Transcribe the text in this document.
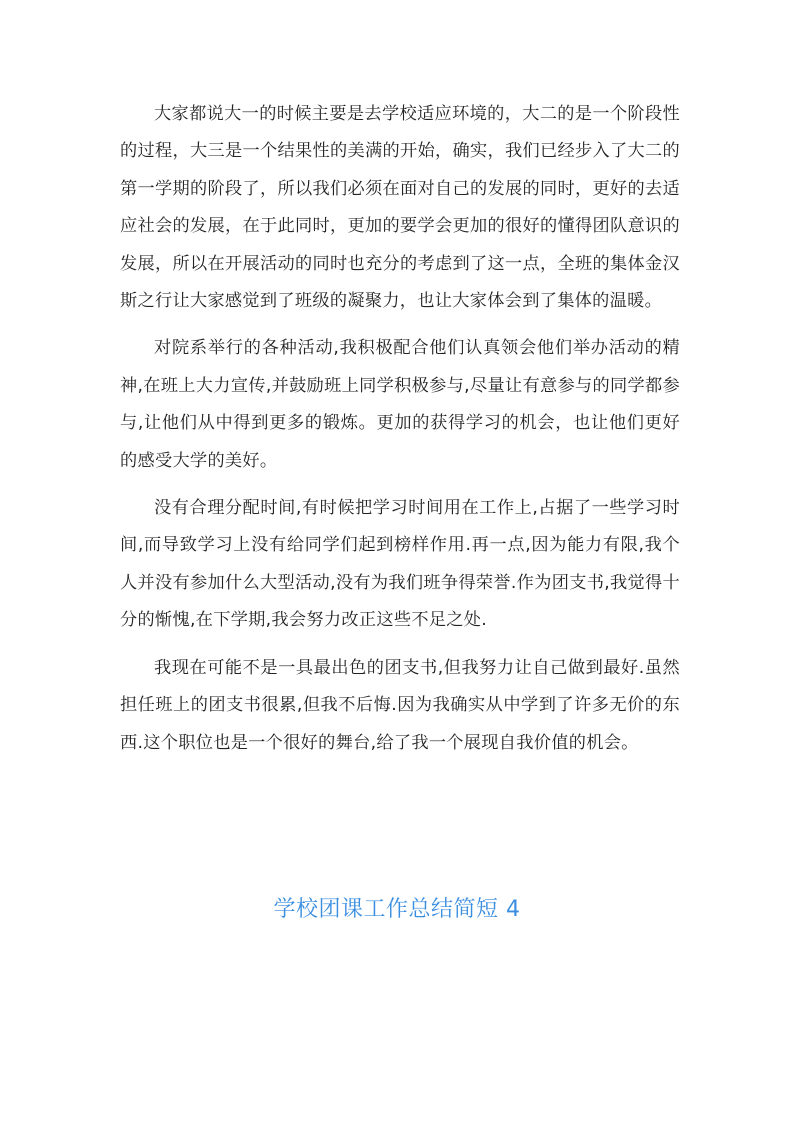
大家都说大一的时候主要是去学校适应环境的，大二的是一个阶段性的过程，大三是一个结果性的美满的开始，确实，我们已经步入了大二的第一学期的阶段了，所以我们必须在面对自己的发展的同时，更好的去适应社会的发展，在于此同时，更加的要学会更加的很好的懂得团队意识的发展，所以在开展活动的同时也充分的考虑到了这一点，全班的集体金汉斯之行让大家感觉到了班级的凝聚力，也让大家体会到了集体的温暖。

对院系举行的各种活动,我积极配合他们认真领会他们举办活动的精神,在班上大力宣传,并鼓励班上同学积极参与,尽量让有意参与的同学都参与,让他们从中得到更多的锻炼。更加的获得学习的机会，也让他们更好的感受大学的美好。

没有合理分配时间,有时候把学习时间用在工作上,占据了一些学习时间,而导致学习上没有给同学们起到榜样作用.再一点,因为能力有限,我个人并没有参加什么大型活动,没有为我们班争得荣誉.作为团支书,我觉得十分的惭愧,在下学期,我会努力改正这些不足之处.

我现在可能不是一具最出色的团支书,但我努力让自己做到最好.虽然担任班上的团支书很累,但我不后悔.因为我确实从中学到了许多无价的东西.这个职位也是一个很好的舞台,给了我一个展现自我价值的机会。

学校团课工作总结简短 4
